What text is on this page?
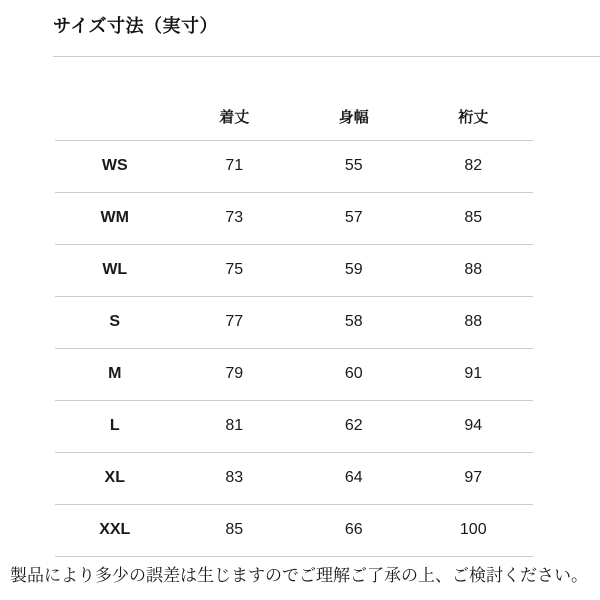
サイズ寸法（実寸）
	着丈	身幅	裄丈
WS	71	55	82
WM	73	57	85
WL	75	59	88
S	77	58	88
M	79	60	91
L	81	62	94
XL	83	64	97
XXL	85	66	100

製品により多少の誤差は生じますのでご理解ご了承の上、ご検討ください。
